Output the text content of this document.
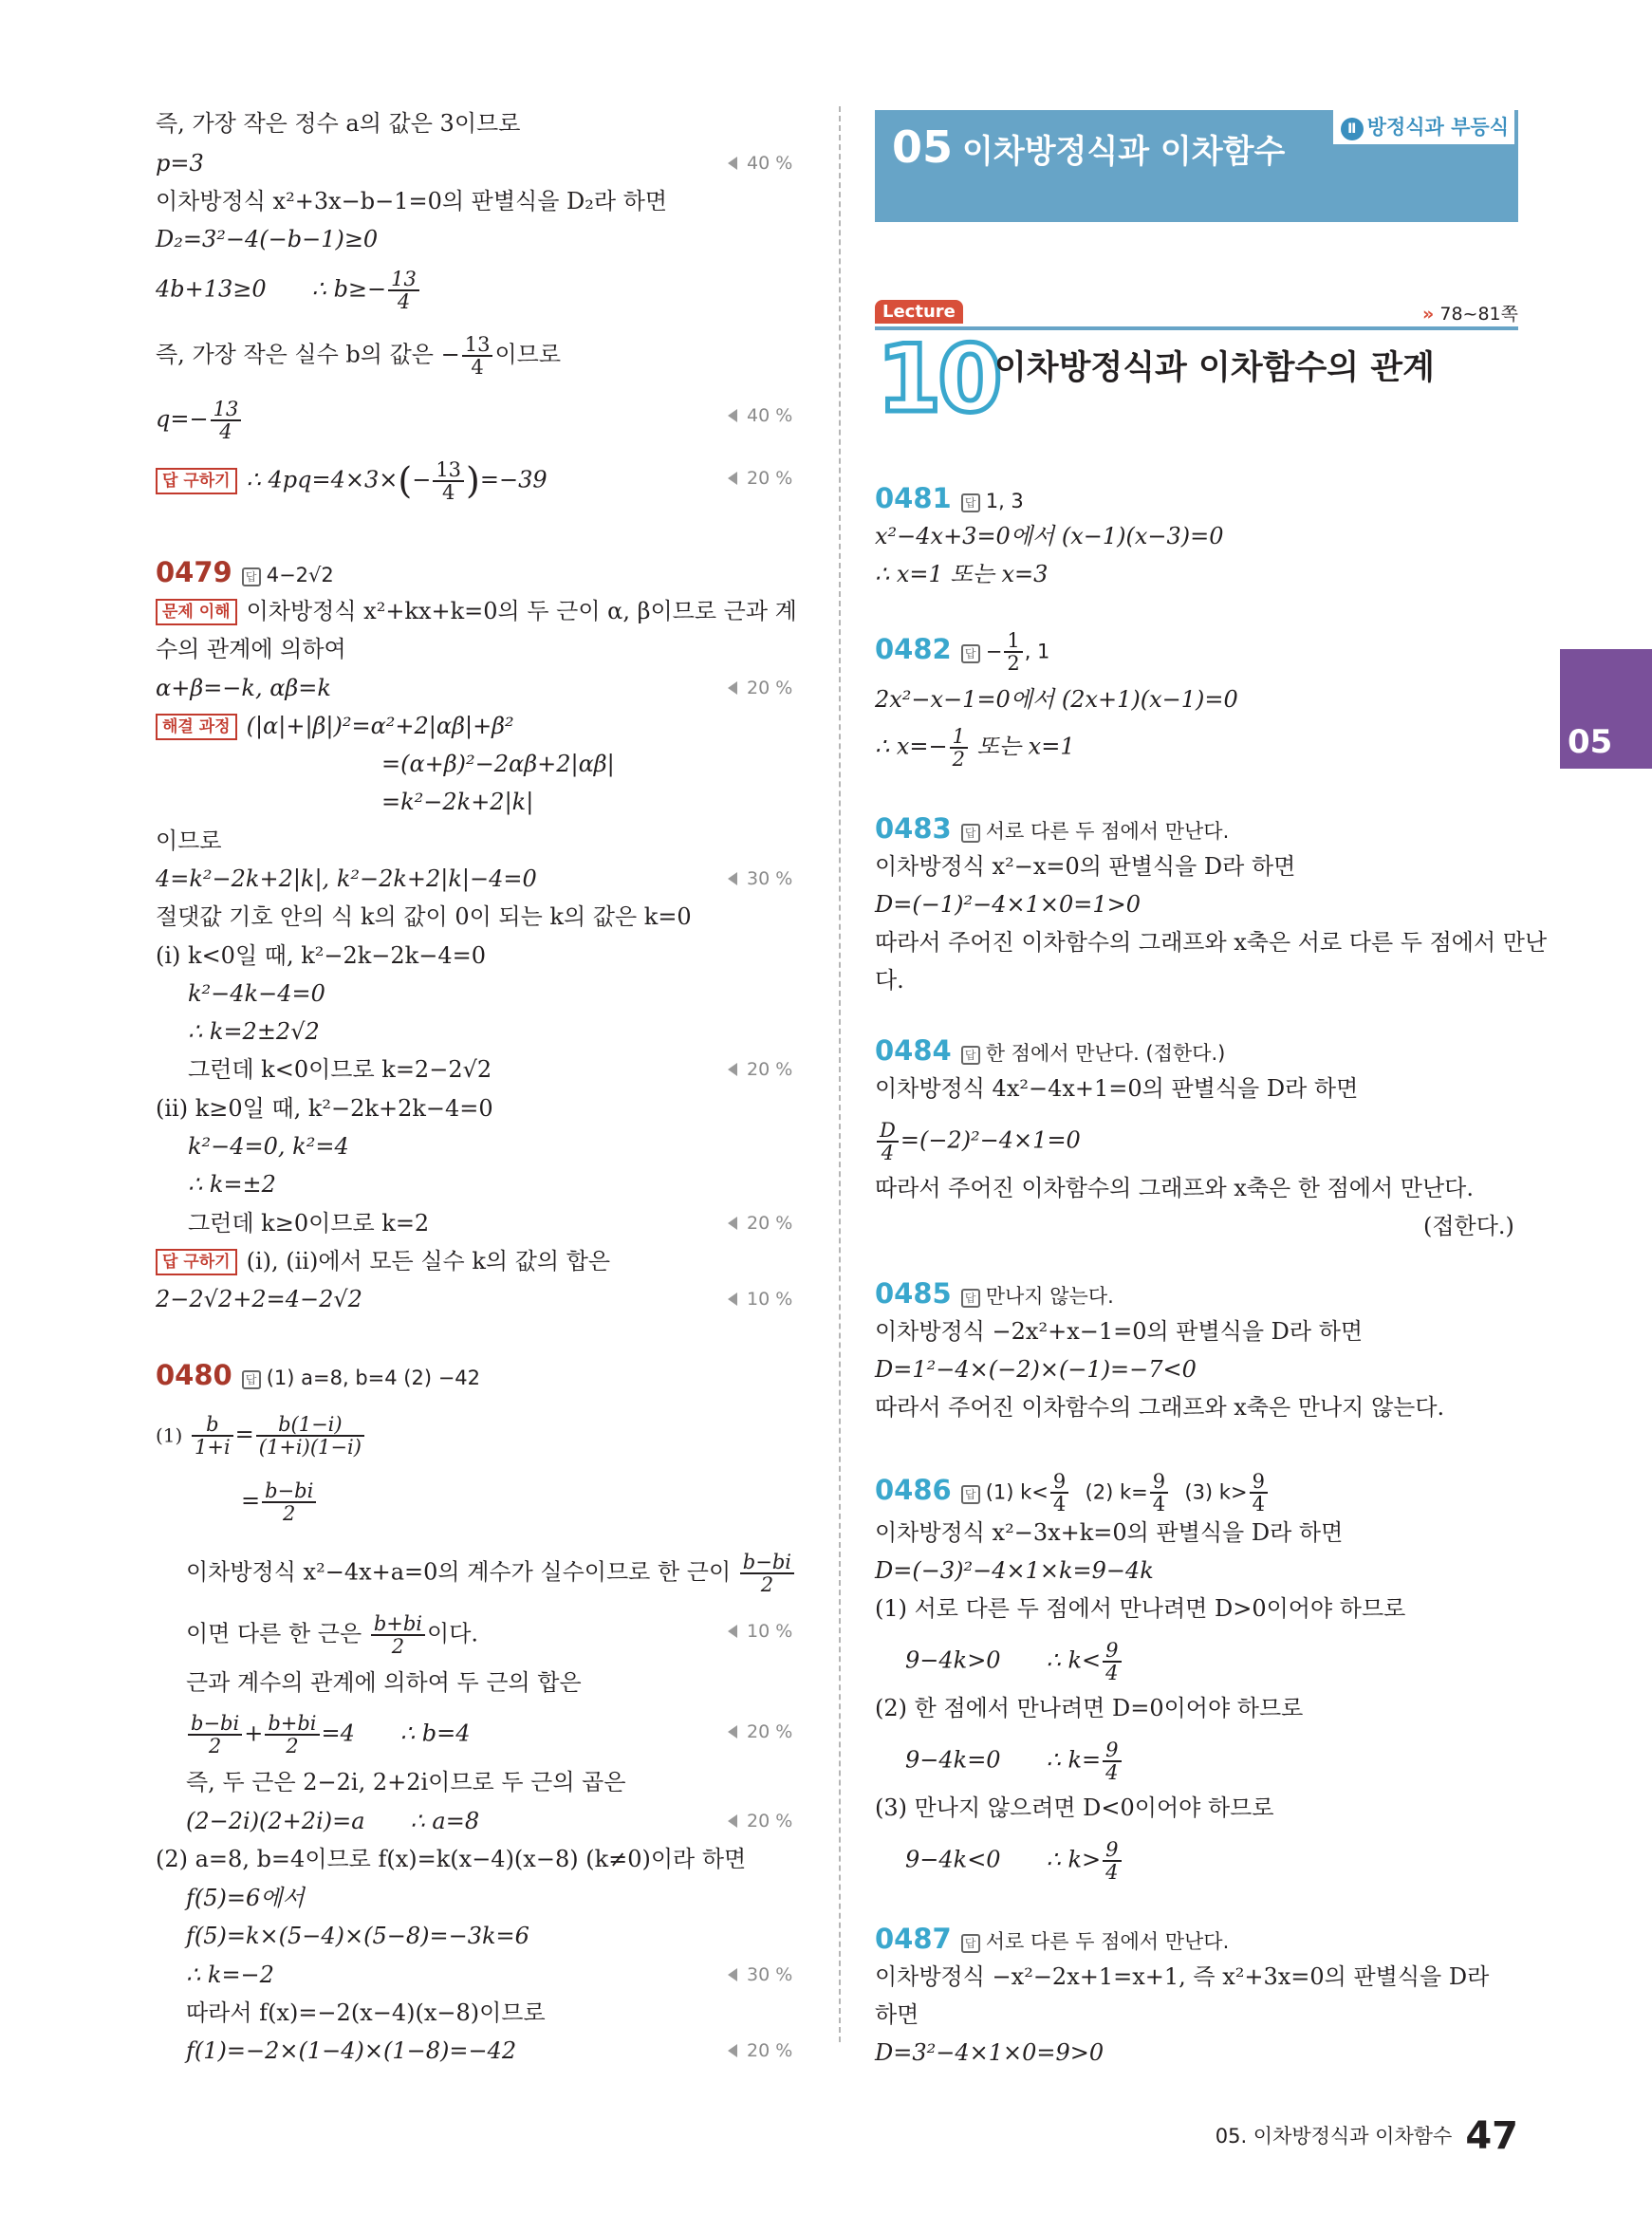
05 이차방정식과 이차함수
Ⅱ 방정식과 부등식
Lecture	» 78~81쪽
10
이차방정식과 이차함수의 관계
05
즉, 가장 작은 정수 a의 값은 3이므로
p=3
이차방정식 x²+3x−b−1=0의 판별식을 D₂라 하면
D₂=3²−4(−b−1)≥0
4b+13≥0 ∴ $b\ge- \frac{13}{4}$
즉, 가장 작은 실수 b의 값은 − $\frac{13}{4}$ 이므로
$q=- \frac{13}{4}$
답 구하기 ∴ $4pq=4\times 3\times(- \frac{13}{4} )=-39$
0479 답 4−2√2
문제 이해 이차방정식 x²+kx+k=0의 두 근이 α, β이므로 근과 계
수의 관계에 의하여
α+β=−k, αβ=k
해결 과정 (|α|+|β|)²=α²+2|αβ|+β²
=(α+β)²−2αβ+2|αβ|
=k²−2k+2|k|
이므로
4=k²−2k+2|k|, k²−2k+2|k|−4=0
절댓값 기호 안의 식 k의 값이 0이 되는 k의 값은 k=0
(i) k<0일 때, k²−2k−2k−4=0
k²−4k−4=0
∴ k=2±2√2
그런데 k<0이므로 k=2−2√2
(ii) k≥0일 때, k²−2k+2k−4=0
k²−4=0, k²=4
∴ k=±2
그런데 k≥0이므로 k=2
답 구하기 (i), (ii)에서 모든 실수 k의 값의 합은
2−2√2+2=4−2√2
0480 답 (1) a=8, b=4 (2) −42
$(1) \frac{b}{1+i} = \frac{b(1-i)}{(1+i)(1-i)}$
= $\frac{b-bi}{2}$
이차방정식 x²−4x+a=0의 계수가 실수이므로 한 근이 $\frac{b-bi}{2}$
이면 다른 한 근은 $\frac{b+bi}{2}$ 이다.
근과 계수의 관계에 의하여 두 근의 합은
$\frac{b-bi}{2} + \frac{b+bi}{2} =4$ ∴ b=4
즉, 두 근은 2−2i, 2+2i이므로 두 근의 곱은
(2−2i)(2+2i)=a ∴ a=8
(2) a=8, b=4이므로 f(x)=k(x−4)(x−8) (k≠0)이라 하면
f(5)=6에서
f(5)=k×(5−4)×(5−8)=−3k=6
∴ k=−2
따라서 f(x)=−2(x−4)(x−8)이므로
f(1)=−2×(1−4)×(1−8)=−42
40 %
40 %
20 %
20 %
30 %
20 %
20 %
10 %
10 %
20 %
20 %
30 %
20 %
0481 답 1, 3
x²−4x+3=0에서 (x−1)(x−3)=0
∴ x=1 또는 x=3
0482 답 − $\frac{1}{2}$ , 1
2x²−x−1=0에서 (2x+1)(x−1)=0
∴ $x=- \frac{1}{2}$ 또는 x=1
0483 답 서로 다른 두 점에서 만난다.
이차방정식 x²−x=0의 판별식을 D라 하면
D=(−1)²−4×1×0=1>0
따라서 주어진 이차함수의 그래프와 x축은 서로 다른 두 점에서 만난
다.
0484 답 한 점에서 만난다. (접한다.)
이차방정식 4x²−4x+1=0의 판별식을 D라 하면
$\frac{D}{4} =(-2)^2-4\times 1=0$
따라서 주어진 이차함수의 그래프와 x축은 한 점에서 만난다.
(접한다.)
0485 답 만나지 않는다.
이차방정식 −2x²+x−1=0의 판별식을 D라 하면
D=1²−4×(−2)×(−1)=−7<0
따라서 주어진 이차함수의 그래프와 x축은 만나지 않는다.
0486 답 (1) $k< \frac{9}{4} (2)$ $k= \frac{9}{4} (3)$ $k> \frac{9}{4}$
이차방정식 x²−3x+k=0의 판별식을 D라 하면
D=(−3)²−4×1×k=9−4k
(1) 서로 다른 두 점에서 만나려면 D>0이어야 하므로
9−4k>0 ∴ $k< \frac{9}{4}$
(2) 한 점에서 만나려면 D=0이어야 하므로
9−4k=0 ∴ $k= \frac{9}{4}$
(3) 만나지 않으려면 D<0이어야 하므로
9−4k<0 ∴ $k> \frac{9}{4}$
0487 답 서로 다른 두 점에서 만난다.
이차방정식 −x²−2x+1=x+1, 즉 x²+3x=0의 판별식을 D라
하면
D=3²−4×1×0=9>0
05. 이차방정식과 이차함수 47
